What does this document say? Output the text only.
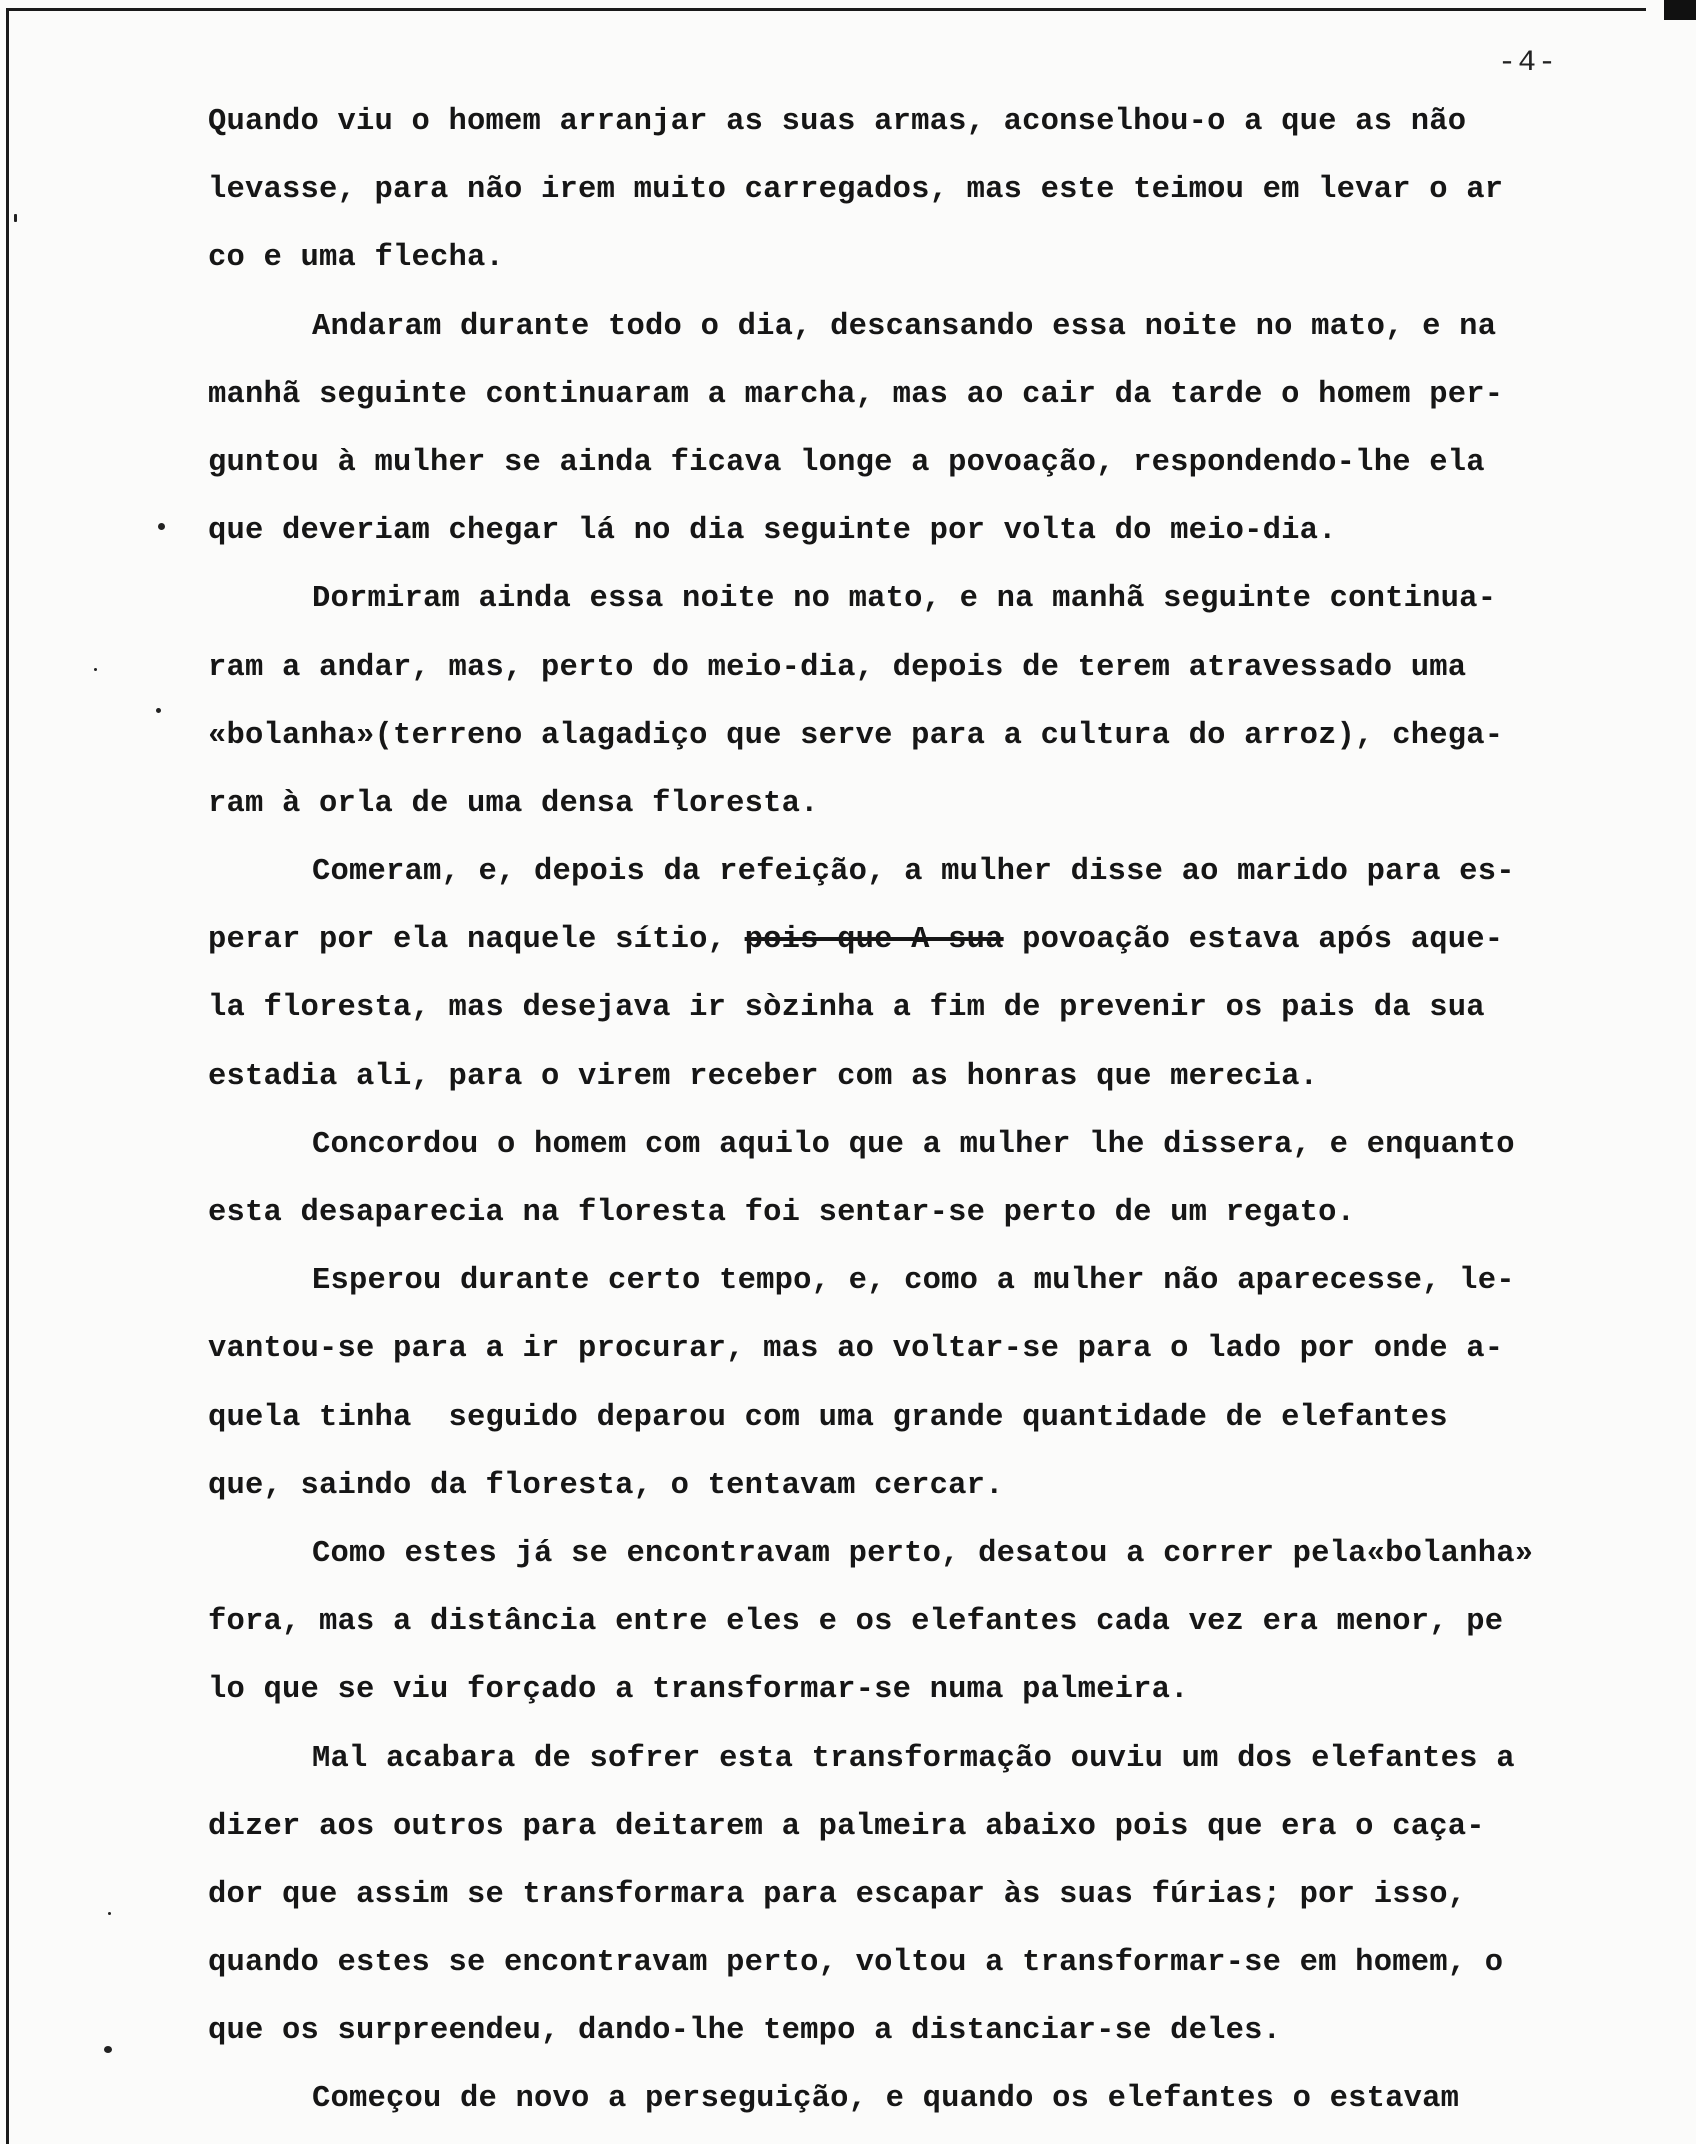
-4-
Quando viu o homem arranjar as suas armas, aconselhou-o a que as não
levasse, para não irem muito carregados, mas este teimou em levar o ar
co e uma flecha.
Andaram durante todo o dia, descansando essa noite no mato, e na
manhã seguinte continuaram a marcha, mas ao cair da tarde o homem per-
guntou à mulher se ainda ficava longe a povoação, respondendo-lhe ela
que deveriam chegar lá no dia seguinte por volta do meio-dia.
Dormiram ainda essa noite no mato, e na manhã seguinte continua-
ram a andar, mas, perto do meio-dia, depois de terem atravessado uma
«bolanha»(terreno alagadiço que serve para a cultura do arroz), chega-
ram à orla de uma densa floresta.
Comeram, e, depois da refeição, a mulher disse ao marido para es-
perar por ela naquele sítio, pois que A sua povoação estava após aque-
la floresta, mas desejava ir sòzinha a fim de prevenir os pais da sua
estadia ali, para o virem receber com as honras que merecia.
Concordou o homem com aquilo que a mulher lhe dissera, e enquanto
esta desaparecia na floresta foi sentar-se perto de um regato.
Esperou durante certo tempo, e, como a mulher não aparecesse, le-
vantou-se para a ir procurar, mas ao voltar-se para o lado por onde a-
quela tinha  seguido deparou com uma grande quantidade de elefantes
que, saindo da floresta, o tentavam cercar.
Como estes já se encontravam perto, desatou a correr pela«bolanha»
fora, mas a distância entre eles e os elefantes cada vez era menor, pe
lo que se viu forçado a transformar-se numa palmeira.
Mal acabara de sofrer esta transformação ouviu um dos elefantes a
dizer aos outros para deitarem a palmeira abaixo pois que era o caça-
dor que assim se transformara para escapar às suas fúrias; por isso,
quando estes se encontravam perto, voltou a transformar-se em homem, o
que os surpreendeu, dando-lhe tempo a distanciar-se deles.
Começou de novo a perseguição, e quando os elefantes o estavam
